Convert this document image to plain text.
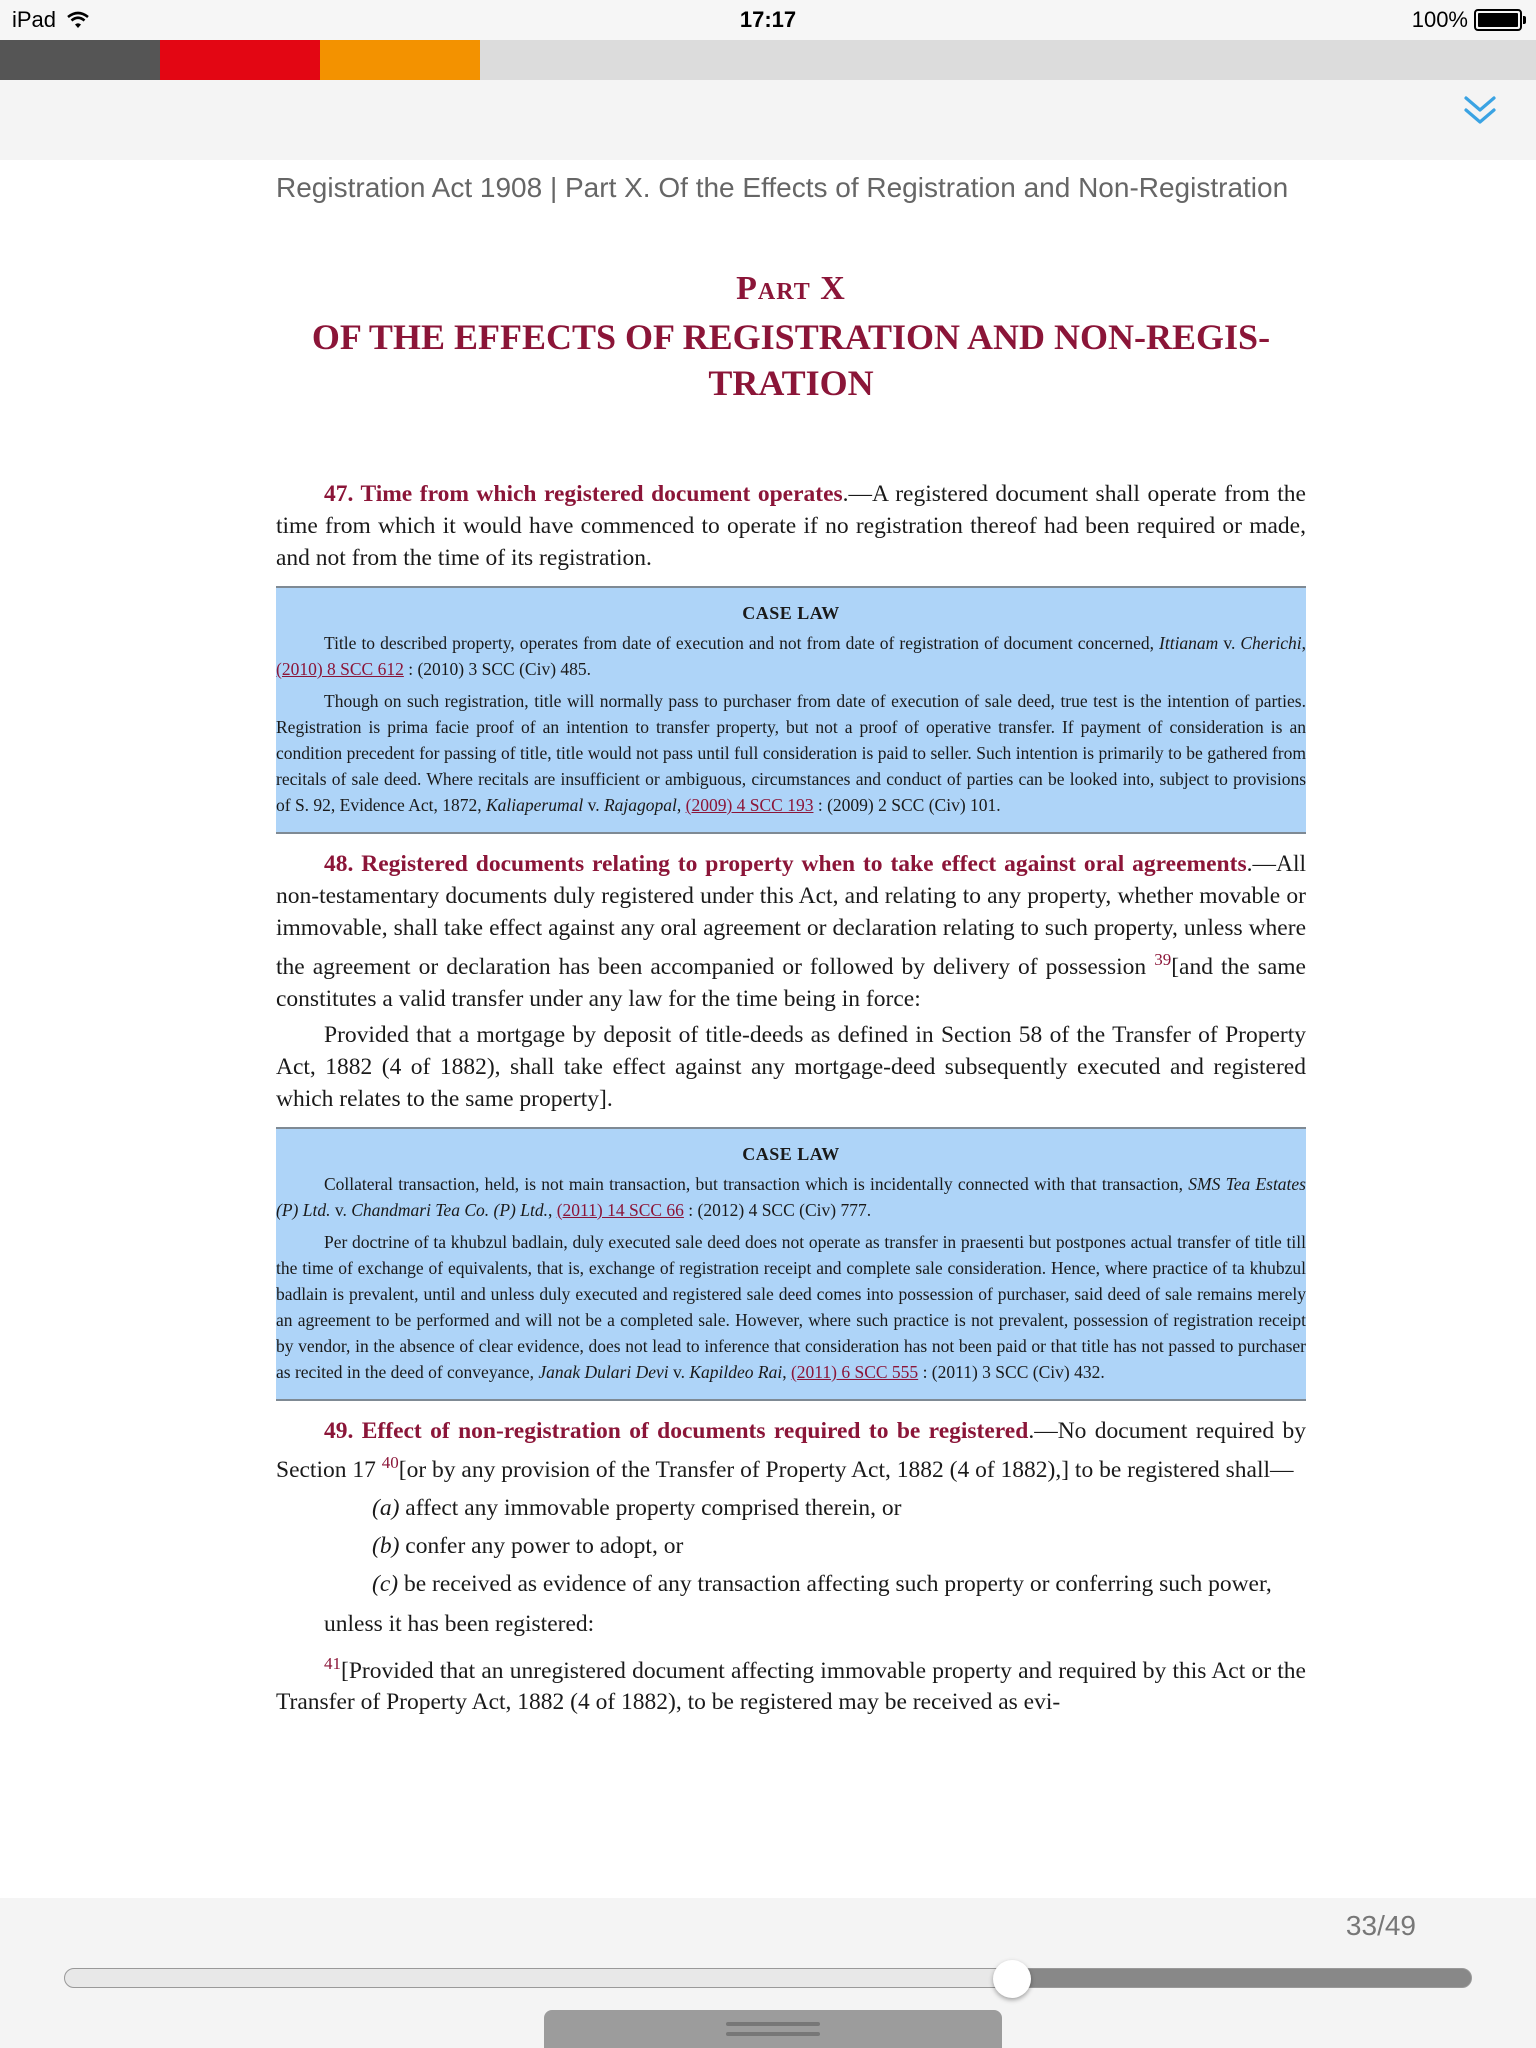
iPad	17:17	100%
Registration Act 1908 | Part X. Of the Effects of Registration and Non-Registration
Part X
OF THE EFFECTS OF REGISTRATION AND NON-REGIS-
TRATION

47. Time from which registered document operates.—A registered document shall operate from the time from which it would have commenced to operate if no registration thereof had been required or made, and not from the time of its registration.

CASE LAW

Title to described property, operates from date of execution and not from date of registration of document concerned, Ittianam v. Cherichi, (2010) 8 SCC 612 : (2010) 3 SCC (Civ) 485.

Though on such registration, title will normally pass to purchaser from date of execution of sale deed, true test is the intention of parties. Registration is prima facie proof of an intention to transfer property, but not a proof of operative transfer. If payment of consideration is an condition precedent for passing of title, title would not pass until full consideration is paid to seller. Such intention is primarily to be gathered from recitals of sale deed. Where recitals are insufficient or ambiguous, circumstances and conduct of parties can be looked into, subject to provisions of S. 92, Evidence Act, 1872, Kaliaperumal v. Rajagopal, (2009) 4 SCC 193 : (2009) 2 SCC (Civ) 101.

48. Registered documents relating to property when to take effect against oral agreements.—All non-testamentary documents duly registered under this Act, and relating to any property, whether movable or immovable, shall take effect against any oral agreement or declaration relating to such property, unless where the agreement or declaration has been accompanied or followed by delivery of possession $^{39}$[and the same constitutes a valid transfer under any law for the time being in force:

Provided that a mortgage by deposit of title-deeds as defined in Section 58 of the Transfer of Property Act, 1882 (4 of 1882), shall take effect against any mortgage-deed subsequently executed and registered which relates to the same property].

CASE LAW

Collateral transaction, held, is not main transaction, but transaction which is incidentally connected with that transaction, SMS Tea Estates (P) Ltd. v. Chandmari Tea Co. (P) Ltd., (2011) 14 SCC 66 : (2012) 4 SCC (Civ) 777.

Per doctrine of ta khubzul badlain, duly executed sale deed does not operate as transfer in praesenti but postpones actual transfer of title till the time of exchange of equivalents, that is, exchange of registration receipt and complete sale consideration. Hence, where practice of ta khubzul badlain is prevalent, until and unless duly executed and registered sale deed comes into possession of purchaser, said deed of sale remains merely an agreement to be performed and will not be a completed sale. However, where such practice is not prevalent, possession of registration receipt by vendor, in the absence of clear evidence, does not lead to inference that consideration has not been paid or that title has not passed to purchaser as recited in the deed of conveyance, Janak Dulari Devi v. Kapildeo Rai, (2011) 6 SCC 555 : (2011) 3 SCC (Civ) 432.

49. Effect of non-registration of documents required to be registered.—No document required by Section 17 $^{40}$[or by any provision of the Transfer of Property Act, 1882 (4 of 1882),] to be registered shall—

(a) affect any immovable property comprised therein, or

(b) confer any power to adopt, or

(c) be received as evidence of any transaction affecting such property or conferring such power,

unless it has been registered:

$^{41}$[Provided that an unregistered document affecting immovable property and required by this Act or the Transfer of Property Act, 1882 (4 of 1882), to be registered may be received as evi-

33/49
